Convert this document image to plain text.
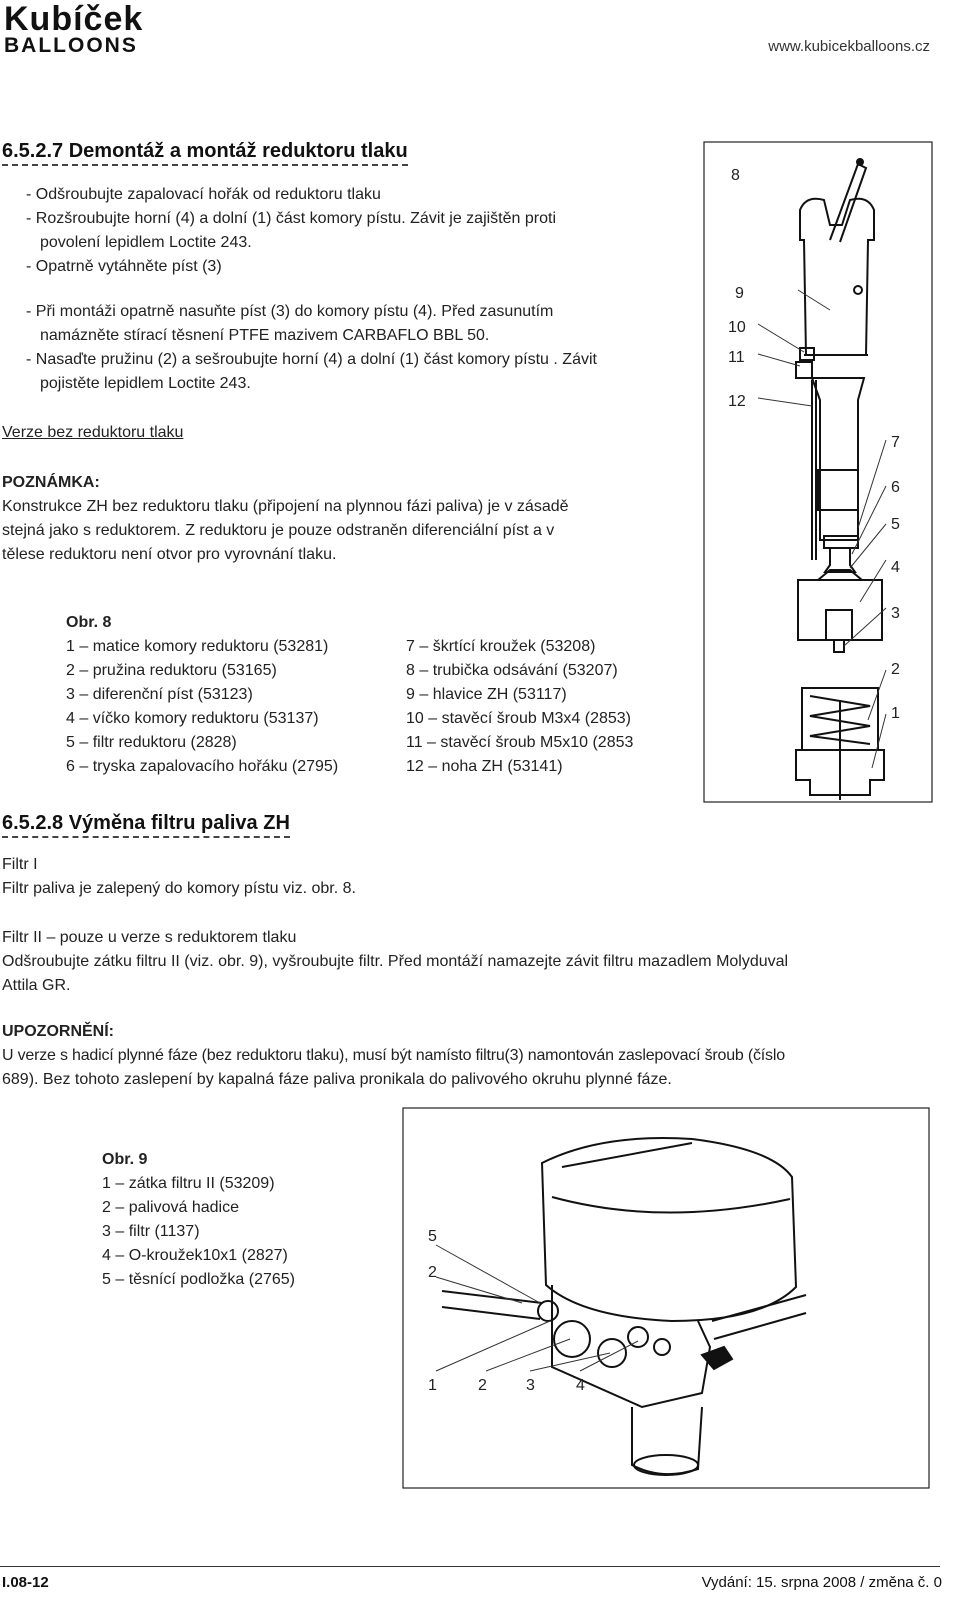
Kubíček
BALLOONS	www.kubicekballoons.cz
6.5.2.7 Demontáž a montáž reduktoru tlaku
- Odšroubujte zapalovací hořák od reduktoru tlaku
- Rozšroubujte horní (4) a dolní (1) část komory pístu. Závit je zajištěn proti
povolení lepidlem Loctite 243.
- Opatrně vytáhněte píst (3)
- Při montáži opatrně nasuňte píst (3) do komory pístu (4). Před zasunutím
namázněte stírací těsnení PTFE mazivem CARBAFLO BBL 50.
- Nasaďte pružinu (2) a sešroubujte horní (4) a dolní (1) část komory pístu . Závit
pojistěte lepidlem Loctite 243.
Verze bez reduktoru tlaku
POZNÁMKA:
Konstrukce ZH bez reduktoru tlaku (připojení na plynnou fázi paliva) je v zásadě
stejná jako s reduktorem. Z reduktoru je pouze odstraněn diferenciální píst a v
tělese reduktoru není otvor pro vyrovnání tlaku.
8
9
10
11
12
7
6
5
4
3
2
1
Obr. 8
1 – matice komory reduktoru (53281)
2 – pružina reduktoru (53165)
3 – diferenční píst (53123)
4 – víčko komory reduktoru (53137)
5 – filtr reduktoru (2828)
6 – tryska zapalovacího hořáku (2795)
7 – škrtící kroužek (53208)
8 – trubička odsávání (53207)
9 – hlavice ZH (53117)
10 – stavěcí šroub M3x4 (2853)
11 – stavěcí šroub M5x10 (2853
12 – noha ZH (53141)
6.5.2.8 Výměna filtru paliva ZH
Filtr I
Filtr paliva je zalepený do komory pístu viz. obr. 8.
Filtr II – pouze u verze s reduktorem tlaku
Odšroubujte zátku filtru II (viz. obr. 9), vyšroubujte filtr. Před montáží namazejte závit filtru mazadlem Molyduval
Attila GR.
UPOZORNĚNÍ:
U verze s hadicí plynné fáze (bez reduktoru tlaku), musí být namísto filtru(3) namontován zaslepovací šroub (číslo
689). Bez tohoto zaslepení by kapalná fáze paliva pronikala do palivového okruhu plynné fáze.
5
2
1	2 3	4
Obr. 9
1 – zátka filtru II (53209)
2 – palivová hadice
3 – filtr (1137)
4 – O-kroužek10x1 (2827)
5 – těsnící podložka (2765)
I.08-12	Vydání: 15. srpna 2008 / změna č. 0
